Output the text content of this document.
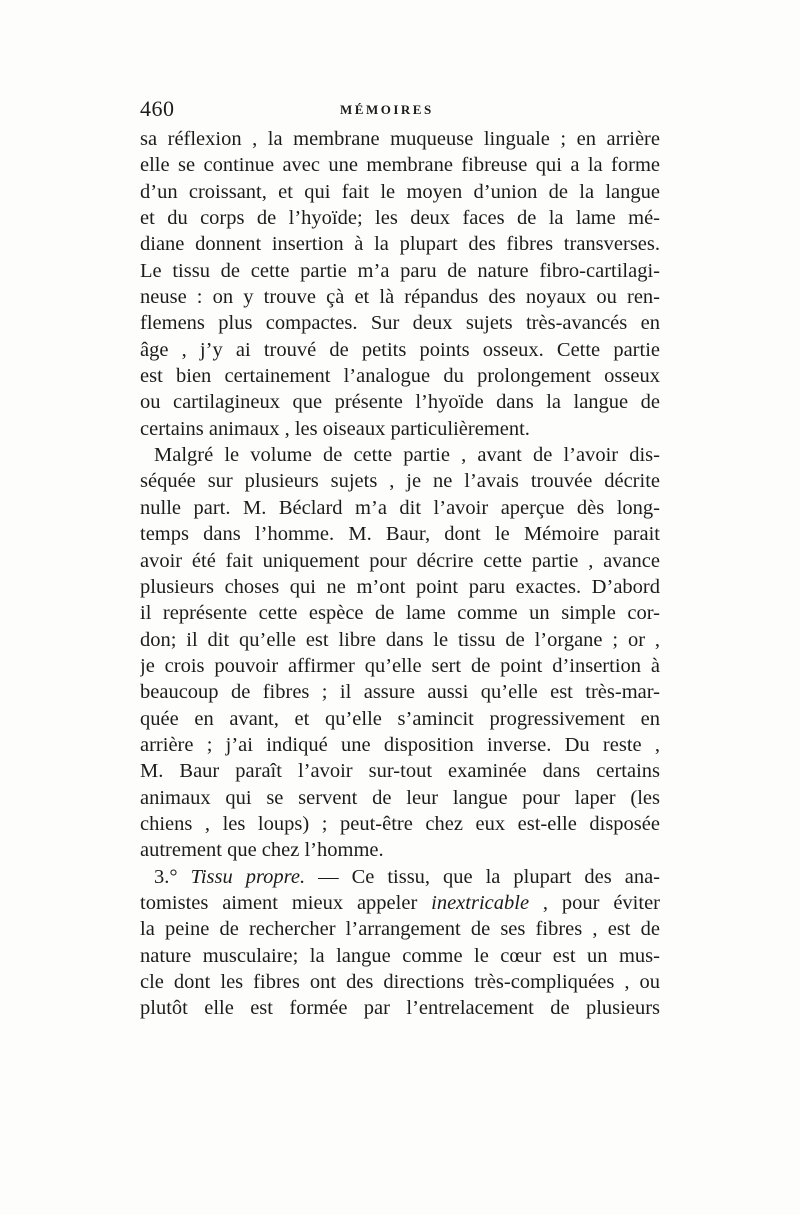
460	MÉMOIRES
sa réflexion , la membrane muqueuse linguale ; en arrière
elle se continue avec une membrane fibreuse qui a la forme
d’un croissant, et qui fait le moyen d’union de la langue
et du corps de l’hyoïde; les deux faces de la lame mé-
diane donnent insertion à la plupart des fibres transverses.
Le tissu de cette partie m’a paru de nature fibro-cartilagi-
neuse : on y trouve çà et là répandus des noyaux ou ren-
flemens plus compactes. Sur deux sujets très-avancés en
âge , j’y ai trouvé de petits points osseux. Cette partie
est bien certainement l’analogue du prolongement osseux
ou cartilagineux que présente l’hyoïde dans la langue de
certains animaux , les oiseaux particulièrement.
Malgré le volume de cette partie , avant de l’avoir dis-
séquée sur plusieurs sujets , je ne l’avais trouvée décrite
nulle part. M. Béclard m’a dit l’avoir aperçue dès long-
temps dans l’homme. M. Baur, dont le Mémoire parait
avoir été fait uniquement pour décrire cette partie , avance
plusieurs choses qui ne m’ont point paru exactes. D’abord
il représente cette espèce de lame comme un simple cor-
don; il dit qu’elle est libre dans le tissu de l’organe ; or ,
je crois pouvoir affirmer qu’elle sert de point d’insertion à
beaucoup de fibres ; il assure aussi qu’elle est très-mar-
quée en avant, et qu’elle s’amincit progressivement en
arrière ; j’ai indiqué une disposition inverse. Du reste ,
M. Baur paraît l’avoir sur-tout examinée dans certains
animaux qui se servent de leur langue pour laper (les
chiens , les loups) ; peut-être chez eux est-elle disposée
autrement que chez l’homme.
3.° Tissu propre. — Ce tissu, que la plupart des ana-
tomistes aiment mieux appeler inextricable , pour éviter
la peine de rechercher l’arrangement de ses fibres , est de
nature musculaire; la langue comme le cœur est un mus-
cle dont les fibres ont des directions très-compliquées , ou
plutôt elle est formée par l’entrelacement de plusieurs
